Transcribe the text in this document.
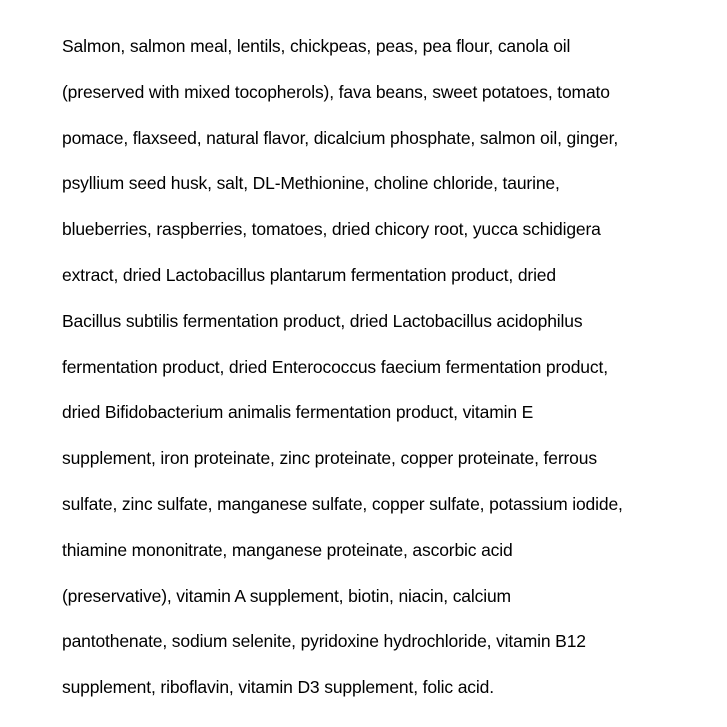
Salmon, salmon meal, lentils, chickpeas, peas, pea flour, canola oil
(preserved with mixed tocopherols), fava beans, sweet potatoes, tomato
pomace, flaxseed, natural flavor, dicalcium phosphate, salmon oil, ginger,
psyllium seed husk, salt, DL-Methionine, choline chloride, taurine,
blueberries, raspberries, tomatoes, dried chicory root, yucca schidigera
extract, dried Lactobacillus plantarum fermentation product, dried
Bacillus subtilis fermentation product, dried Lactobacillus acidophilus
fermentation product, dried Enterococcus faecium fermentation product,
dried Bifidobacterium animalis fermentation product, vitamin E
supplement, iron proteinate, zinc proteinate, copper proteinate, ferrous
sulfate, zinc sulfate, manganese sulfate, copper sulfate, potassium iodide,
thiamine mononitrate, manganese proteinate, ascorbic acid
(preservative), vitamin A supplement, biotin, niacin, calcium
pantothenate, sodium selenite, pyridoxine hydrochloride, vitamin B12
supplement, riboflavin, vitamin D3 supplement, folic acid.
